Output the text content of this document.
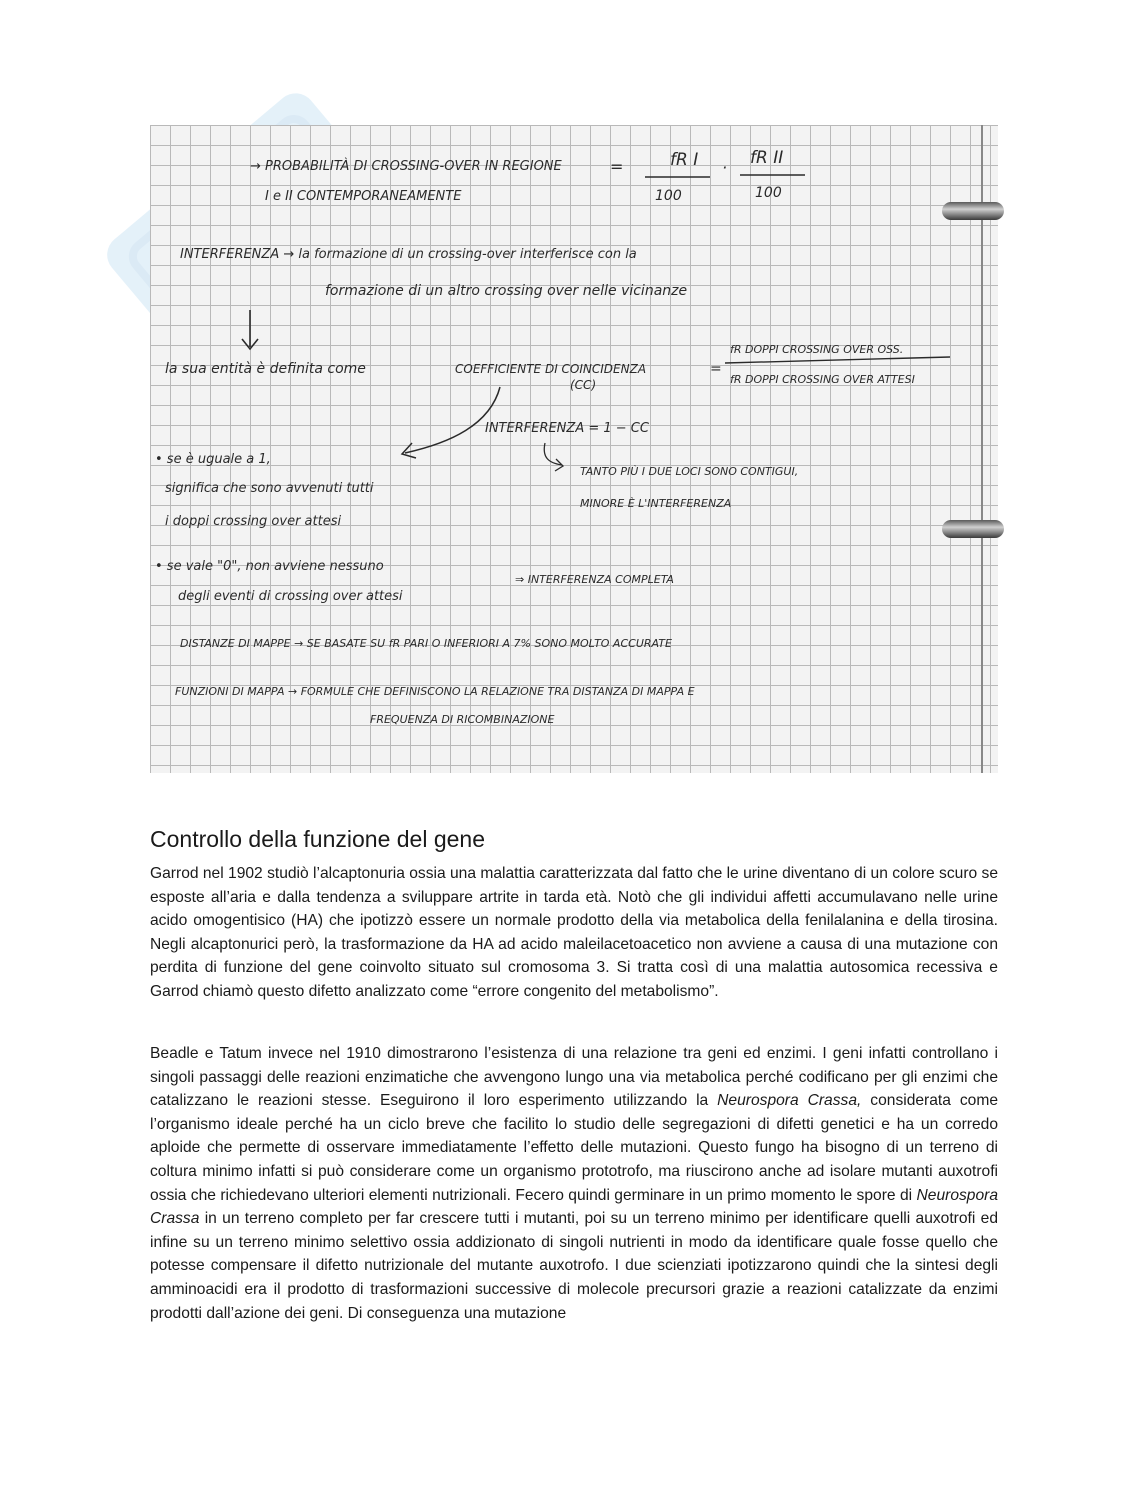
→ PROBABILITÀ DI CROSSING-OVER IN REGIONE
I e II CONTEMPORANEAMENTE
=	fR I
100
· fR II
100
INTERFERENZA → la formazione di un crossing-over interferisce con la
formazione di un altro crossing over nelle vicinanze
la sua entità è definita come	COEFFICIENTE DI COINCIDENZA
(CC)
=
fR DOPPI CROSSING OVER OSS.
fR DOPPI CROSSING OVER ATTESI
INTERFERENZA = 1 − CC
• se è uguale a 1,
significa che sono avvenuti tutti
i doppi crossing over attesi
TANTO PIÙ I DUE LOCI SONO CONTIGUI,
MINORE È L'INTERFERENZA
• se vale "0", non avviene nessuno
degli eventi di crossing over attesi
⇒ INTERFERENZA COMPLETA
DISTANZE DI MAPPE → SE BASATE SU fR PARI O INFERIORI A 7% SONO MOLTO ACCURATE
FUNZIONI DI MAPPA → FORMULE CHE DEFINISCONO LA RELAZIONE TRA DISTANZA DI MAPPA E
FREQUENZA DI RICOMBINAZIONE
Controllo della funzione del gene

Garrod nel 1902 studiò l’alcaptonuria ossia una malattia caratterizzata dal fatto che le urine diventano di un colore scuro se esposte all’aria e dalla tendenza a sviluppare artrite in tarda età. Notò che gli individui affetti accumulavano nelle urine acido omogentisico (HA) che ipotizzò essere un normale prodotto della via metabolica della fenilalanina e della tirosina. Negli alcaptonurici però, la trasformazione da HA ad acido maleilacetoacetico non avviene a causa di una mutazione con perdita di funzione del gene coinvolto situato sul cromosoma 3. Si tratta così di una malattia autosomica recessiva e Garrod chiamò questo difetto analizzato come “errore congenito del metabolismo”.

Beadle e Tatum invece nel 1910 dimostrarono l’esistenza di una relazione tra geni ed enzimi. I geni infatti controllano i singoli passaggi delle reazioni enzimatiche che avvengono lungo una via metabolica perché codificano per gli enzimi che catalizzano le reazioni stesse. Eseguirono il loro esperimento utilizzando la Neurospora Crassa, considerata come l’organismo ideale perché ha un ciclo breve che facilito lo studio delle segregazioni di difetti genetici e ha un corredo aploide che permette di osservare immediatamente l’effetto delle mutazioni. Questo fungo ha bisogno di un terreno di coltura minimo infatti si può considerare come un organismo prototrofo, ma riuscirono anche ad isolare mutanti auxotrofi ossia che richiedevano ulteriori elementi nutrizionali. Fecero quindi germinare in un primo momento le spore di Neurospora Crassa in un terreno completo per far crescere tutti i mutanti, poi su un terreno minimo per identificare quelli auxotrofi ed infine su un terreno minimo selettivo ossia addizionato di singoli nutrienti in modo da identificare quale fosse quello che potesse compensare il difetto nutrizionale del mutante auxotrofo. I due scienziati ipotizzarono quindi che la sintesi degli amminoacidi era il prodotto di trasformazioni successive di molecole precursori grazie a reazioni catalizzate da enzimi prodotti dall’azione dei geni. Di conseguenza una mutazione
